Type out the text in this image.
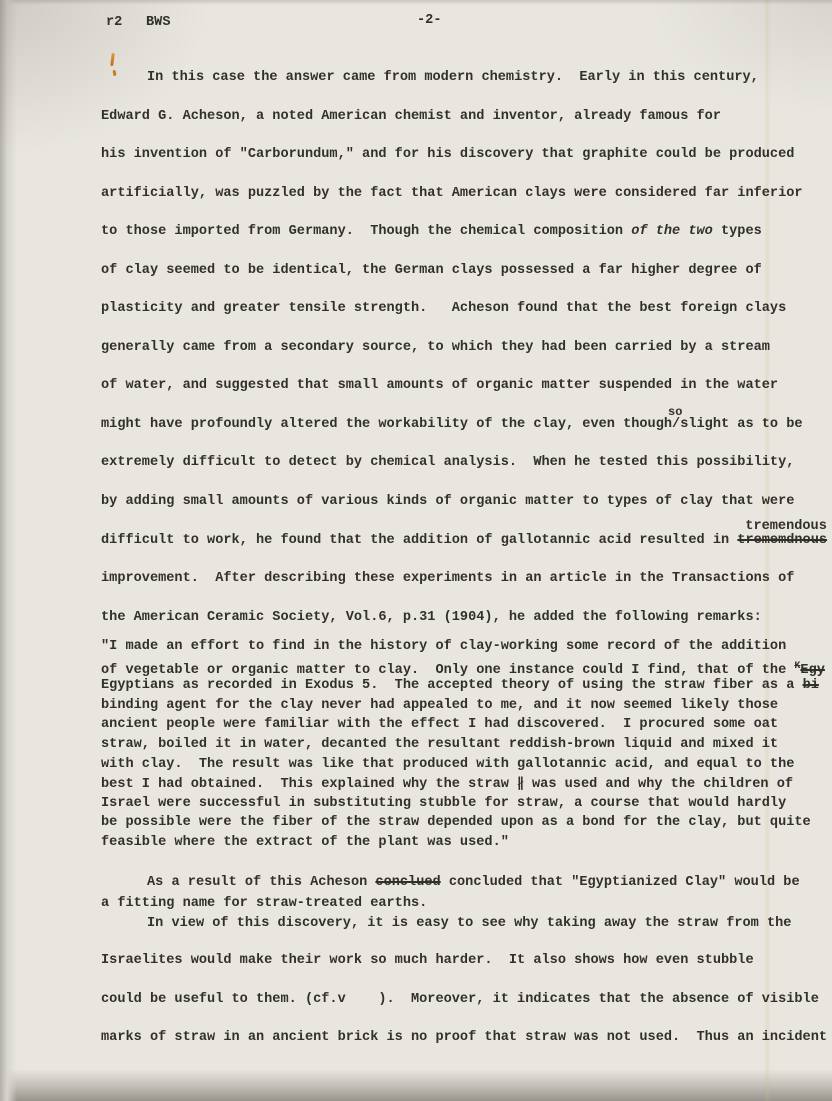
r2 BWS	-2-
In this case the answer came from modern chemistry.  Early in this century,
Edward G. Acheson, a noted American chemist and inventor, already famous for
his invention of "Carborundum," and for his discovery that graphite could be produced
artificially, was puzzled by the fact that American clays were considered far inferior
to those imported from Germany.  Though the chemical composition of the two types
of clay seemed to be identical, the German clays possessed a far higher degree of
plasticity and greater tensile strength.   Acheson found that the best foreign clays
generally came from a secondary source, to which they had been carried by a stream
of water, and suggested that small amounts of organic matter suspended in the water
might have profoundly altered the workability of the clay, even though
so
/slight as to be
extremely difficult to detect by chemical analysis.  When he tested this possibility,
by adding small amounts of various kinds of organic matter to types of clay that were
difficult to work, he found that the addition of gallotannic acid resulted in
tremendous
trememdnous
improvement.  After describing these experiments in an article in the Transactions of
the American Ceramic Society, Vol.6, p.31 (1904), he added the following remarks:
"I made an effort to find in the history of clay-working some record of the addition
of vegetable or organic matter to clay.  Only one instance could I find, that of the $^K$Egy
Egyptians as recorded in Exodus 5.  The accepted theory of using the straw fiber as a bi
binding agent for the clay never had appealed to me, and it now seemed likely those
ancient people were familiar with the effect I had discovered.  I procured some oat
straw, boiled it in water, decanted the resultant reddish-brown liquid and mixed it
with clay.  The result was like that produced with gallotannic acid, and equal to the
best I had obtained.  This explained why the straw ∦ was used and why the children of
Israel were successful in substituting stubble for straw, a course that would hardly
be possible were the fiber of the straw depended upon as a bond for the clay, but quite
feasible where the extract of the plant was used."
As a result of this Acheson conclued concluded that "Egyptianized Clay" would be
a fitting name for straw-treated earths.
In view of this discovery, it is easy to see why taking away the straw from the
Israelites would make their work so much harder.  It also shows how even stubble
could be useful to them. (cf.v    ).  Moreover, it indicates that the absence of visible
marks of straw in an ancient brick is no proof that straw was not used.  Thus an incident
